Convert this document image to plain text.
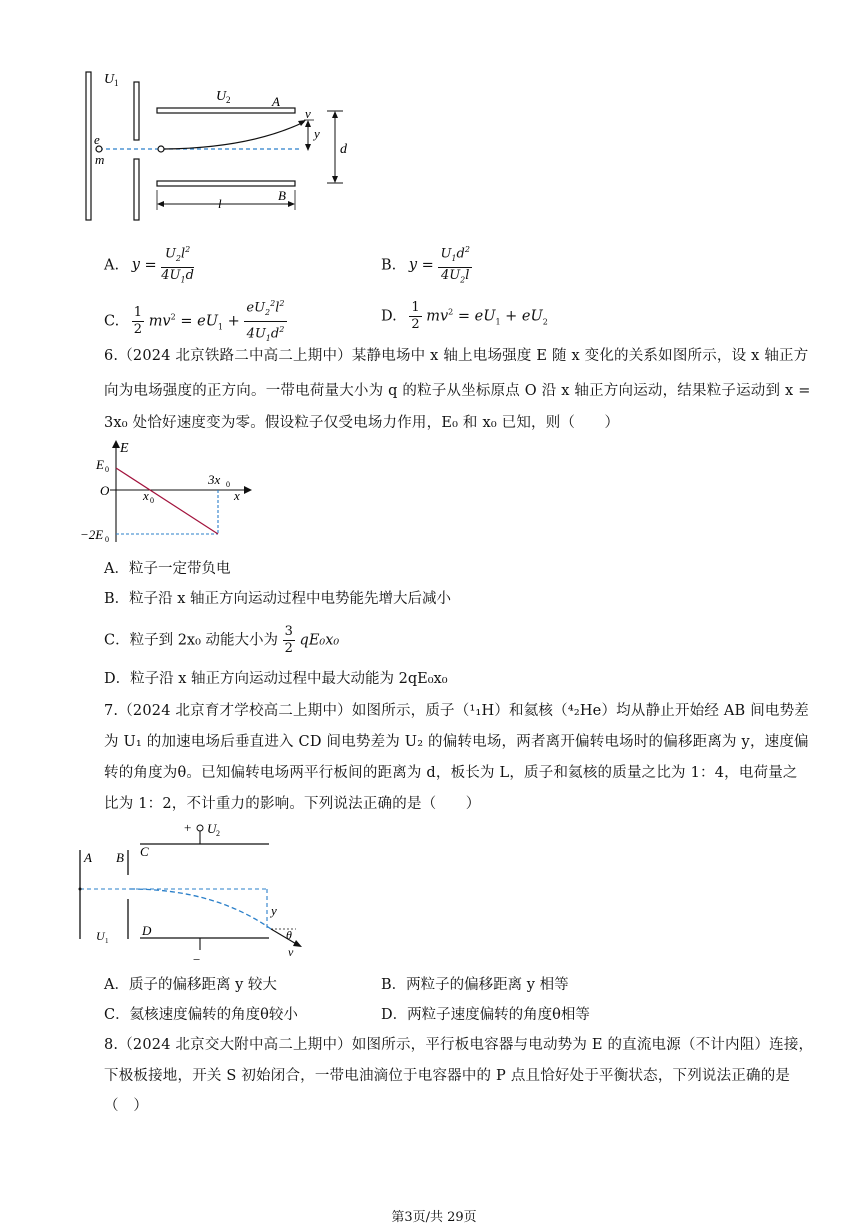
U 1
U 2	A
v
y
d
e
m
l
B
A. $y = \frac{U_2l^2}{4U_1d}$	B. $y = \frac{U_1d^2}{4U_2l}$
C. $\frac{1}{2} mv^2 = eU_1 + \frac{eU_2^2l^2}{4U_1d^2}$	D. $\frac{1}{2} mv^2 = eU_1 + eU_2$
6.（2024 北京铁路二中高二上期中）某静电场中 x 轴上电场强度 E 随 x 变化的关系如图所示，设 x 轴正方
向为电场强度的正方向。一带电荷量大小为 q 的粒子从坐标原点 O 沿 x 轴正方向运动，结果粒子运动到 x =
3x₀ 处恰好速度变为零。假设粒子仅受电场力作用，E₀ 和 x₀ 已知，则（　　）
E
E 0
O	x 0
3x 0
x
−2E 0
A．粒子一定带负电
B．粒子沿 x 轴正方向运动过程中电势能先增大后减小
C．粒子到 2x₀ 动能大小为 $\frac{3}{2} qE_0x_0$
D．粒子沿 x 轴正方向运动过程中最大动能为 2qE₀x₀
7.（2024 北京育才学校高二上期中）如图所示，质子（¹₁H）和氦核（⁴₂He）均从静止开始经 AB 间电势差
为 U₁ 的加速电场后垂直进入 CD 间电势差为 U₂ 的偏转电场，两者离开偏转电场时的偏移距离为 y，速度偏
转的角度为θ。已知偏转电场两平行板间的距离为 d，板长为 L，质子和氦核的质量之比为 1：4，电荷量之
比为 1：2，不计重力的影响。下列说法正确的是（　　）
+ U 2
A B C
D
U 1
−
y
θ
v
A．质子的偏移距离 y 较大	B．两粒子的偏移距离 y 相等
C．氦核速度偏转的角度θ较小	D．两粒子速度偏转的角度θ相等
8.（2024 北京交大附中高二上期中）如图所示，平行板电容器与电动势为 E 的直流电源（不计内阻）连接，
下极板接地，开关 S 初始闭合，一带电油滴位于电容器中的 P 点且恰好处于平衡状态，下列说法正确的是
（　）
第3页/共 29页
